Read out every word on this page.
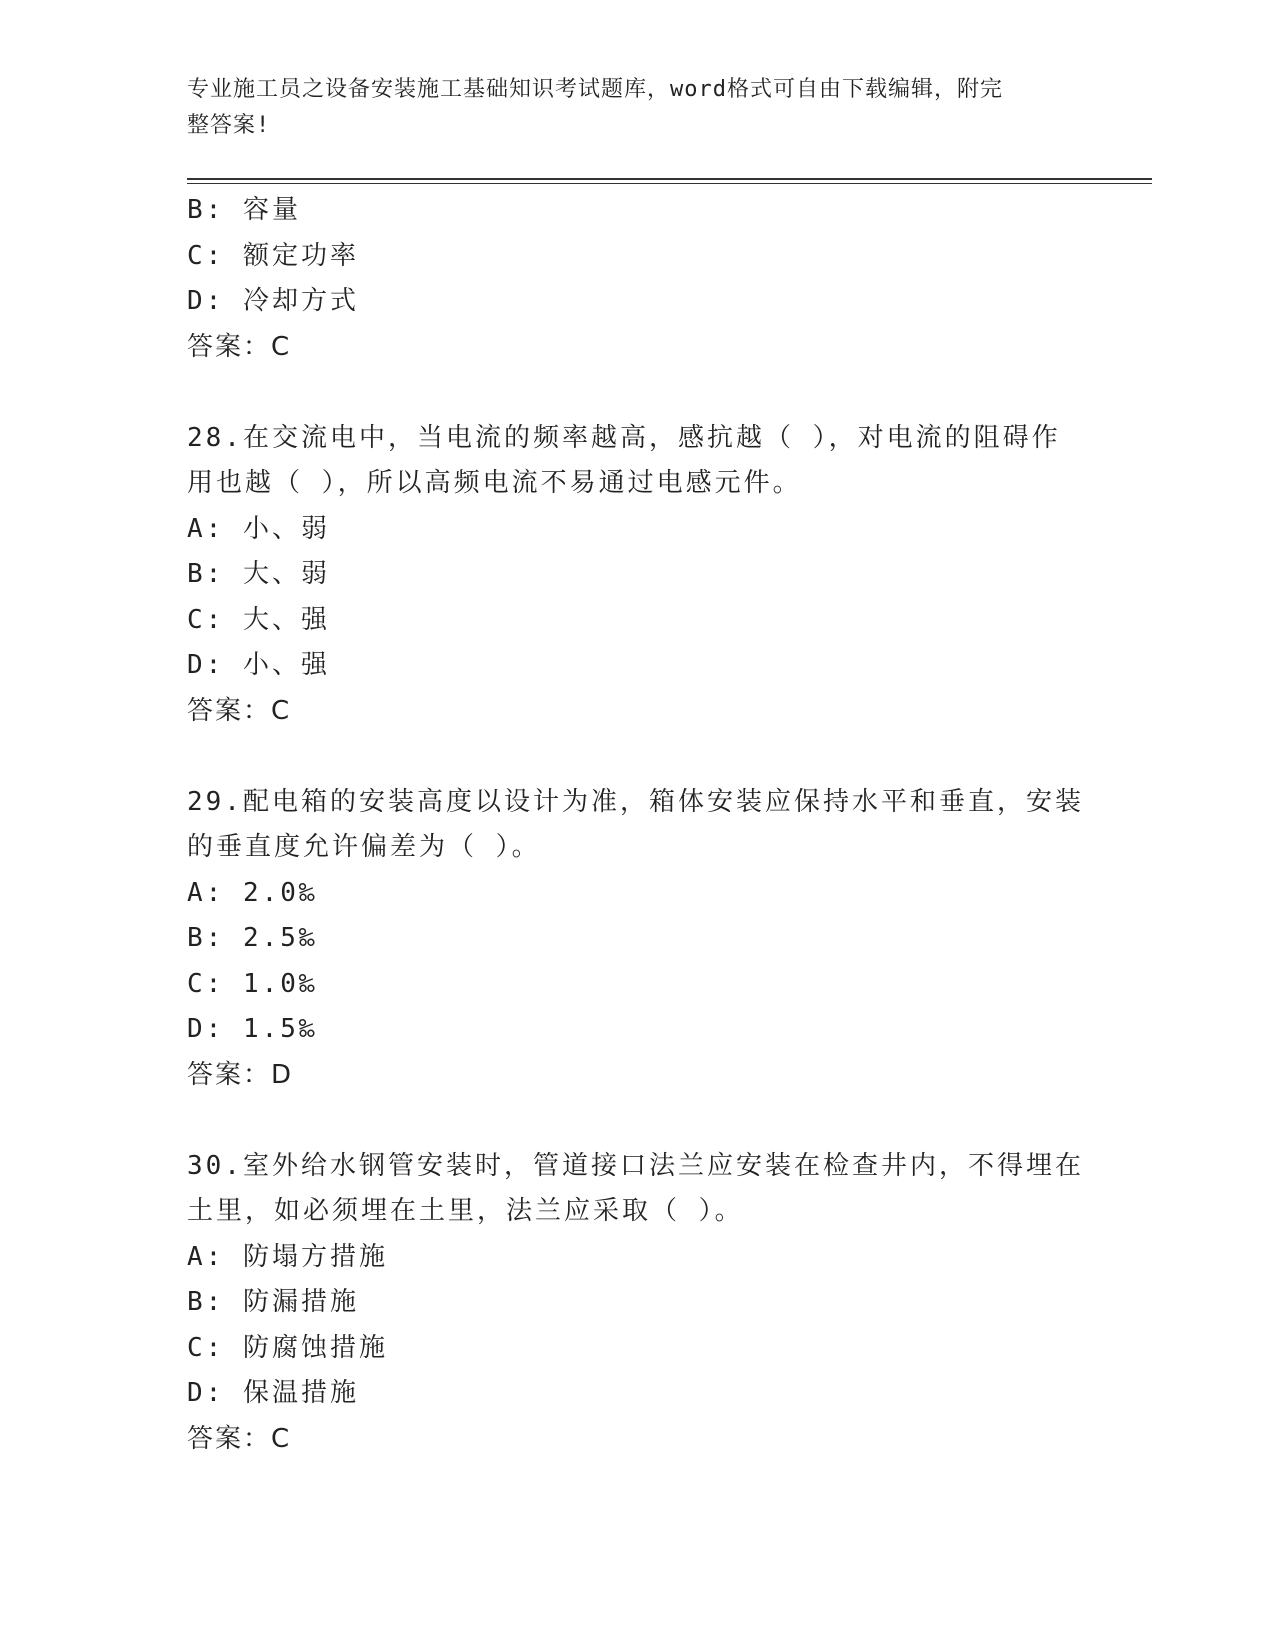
专业施工员之设备安装施工基础知识考试题库，word格式可自由下载编辑，附完
整答案!
B: 容量
C: 额定功率
D: 冷却方式
答案：C
28.在交流电中，当电流的频率越高，感抗越（ ），对电流的阻碍作
用也越（ ），所以高频电流不易通过电感元件。
A: 小、弱
B: 大、弱
C: 大、强
D: 小、强
答案：C
29.配电箱的安装高度以设计为准，箱体安装应保持水平和垂直，安装
的垂直度允许偏差为（ ）。
A: 2.0‰
B: 2.5‰
C: 1.0‰
D: 1.5‰
答案：D
30.室外给水钢管安装时，管道接口法兰应安装在检查井内，不得埋在
土里，如必须埋在土里，法兰应采取（ ）。
A: 防塌方措施
B: 防漏措施
C: 防腐蚀措施
D: 保温措施
答案：C
